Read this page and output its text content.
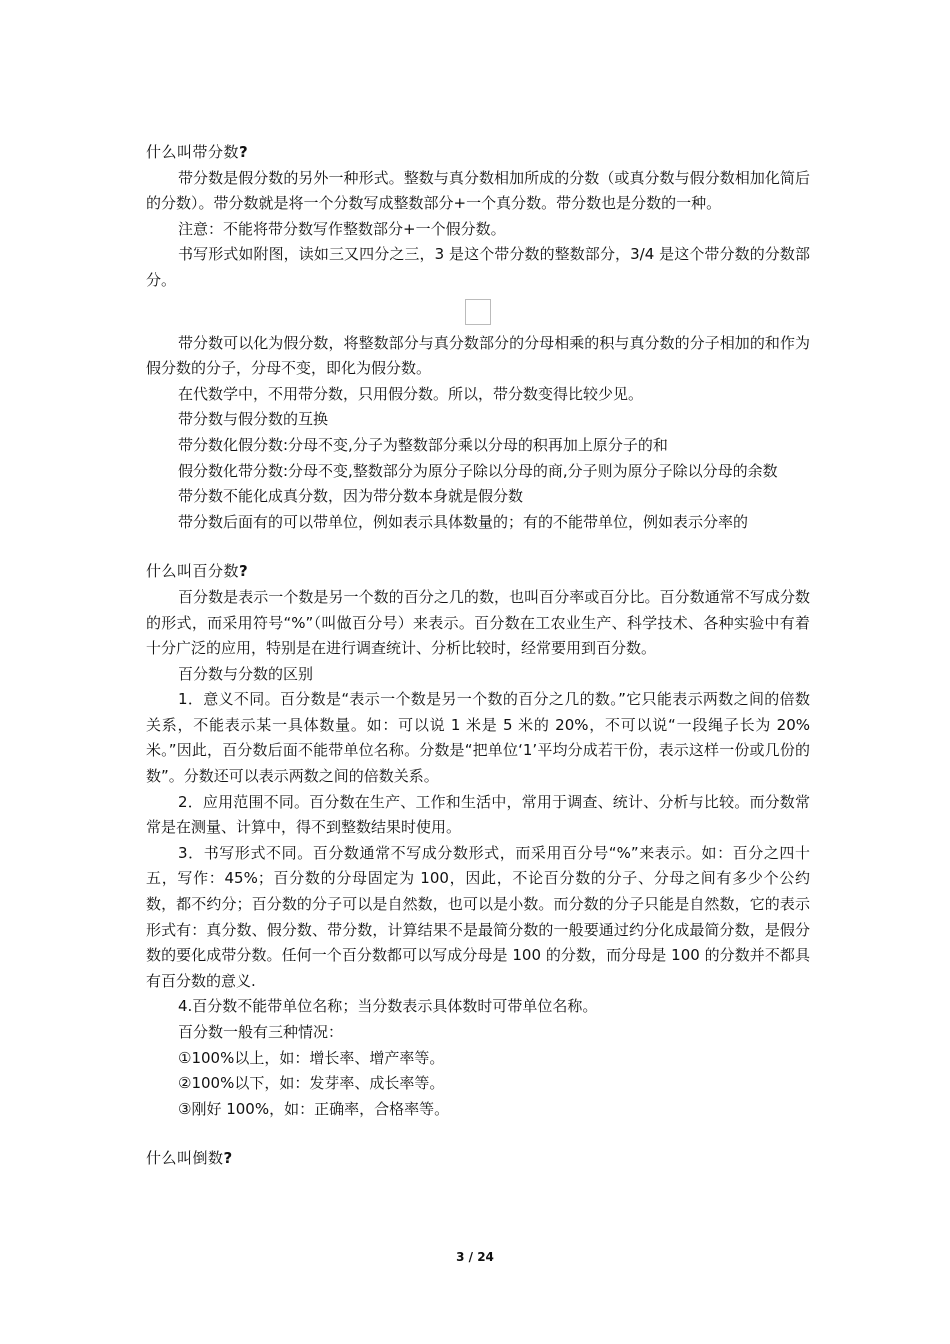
什么叫带分数?

带分数是假分数的另外一种形式。整数与真分数相加所成的分数（或真分数与假分数相加化简后的分数）。带分数就是将一个分数写成整数部分+一个真分数。带分数也是分数的一种。

注意：不能将带分数写作整数部分+一个假分数。

书写形式如附图，读如三又四分之三，3 是这个带分数的整数部分，3/4 是这个带分数的分数部分。

带分数可以化为假分数，将整数部分与真分数部分的分母相乘的积与真分数的分子相加的和作为假分数的分子，分母不变，即化为假分数。

在代数学中，不用带分数，只用假分数。所以，带分数变得比较少见。

带分数与假分数的互换

带分数化假分数:分母不变,分子为整数部分乘以分母的积再加上原分子的和

假分数化带分数:分母不变,整数部分为原分子除以分母的商,分子则为原分子除以分母的余数

带分数不能化成真分数，因为带分数本身就是假分数

带分数后面有的可以带单位，例如表示具体数量的；有的不能带单位，例如表示分率的

什么叫百分数?

百分数是表示一个数是另一个数的百分之几的数，也叫百分率或百分比。百分数通常不写成分数的形式，而采用符号“%”（叫做百分号）来表示。百分数在工农业生产、科学技术、各种实验中有着十分广泛的应用，特别是在进行调查统计、分析比较时，经常要用到百分数。

百分数与分数的区别

1．意义不同。百分数是“表示一个数是另一个数的百分之几的数。”它只能表示两数之间的倍数关系，不能表示某一具体数量。如：可以说 1 米是 5 米的 20%，不可以说“一段绳子长为 20%米。”因此，百分数后面不能带单位名称。分数是“把单位‘1’平均分成若干份，表示这样一份或几份的数”。分数还可以表示两数之间的倍数关系。

2．应用范围不同。百分数在生产、工作和生活中，常用于调查、统计、分析与比较。而分数常常是在测量、计算中，得不到整数结果时使用。

3．书写形式不同。百分数通常不写成分数形式，而采用百分号“%”来表示。如：百分之四十五，写作：45%；百分数的分母固定为 100，因此，不论百分数的分子、分母之间有多少个公约数，都不约分；百分数的分子可以是自然数，也可以是小数。而分数的分子只能是自然数，它的表示形式有：真分数、假分数、带分数，计算结果不是最简分数的一般要通过约分化成最简分数，是假分数的要化成带分数。任何一个百分数都可以写成分母是 100 的分数，而分母是 100 的分数并不都具有百分数的意义.

4.百分数不能带单位名称；当分数表示具体数时可带单位名称。

百分数一般有三种情况：

①100%以上，如：增长率、增产率等。

②100%以下，如：发芽率、成长率等。

③刚好 100%，如：正确率，合格率等。

什么叫倒数?
3 / 24
